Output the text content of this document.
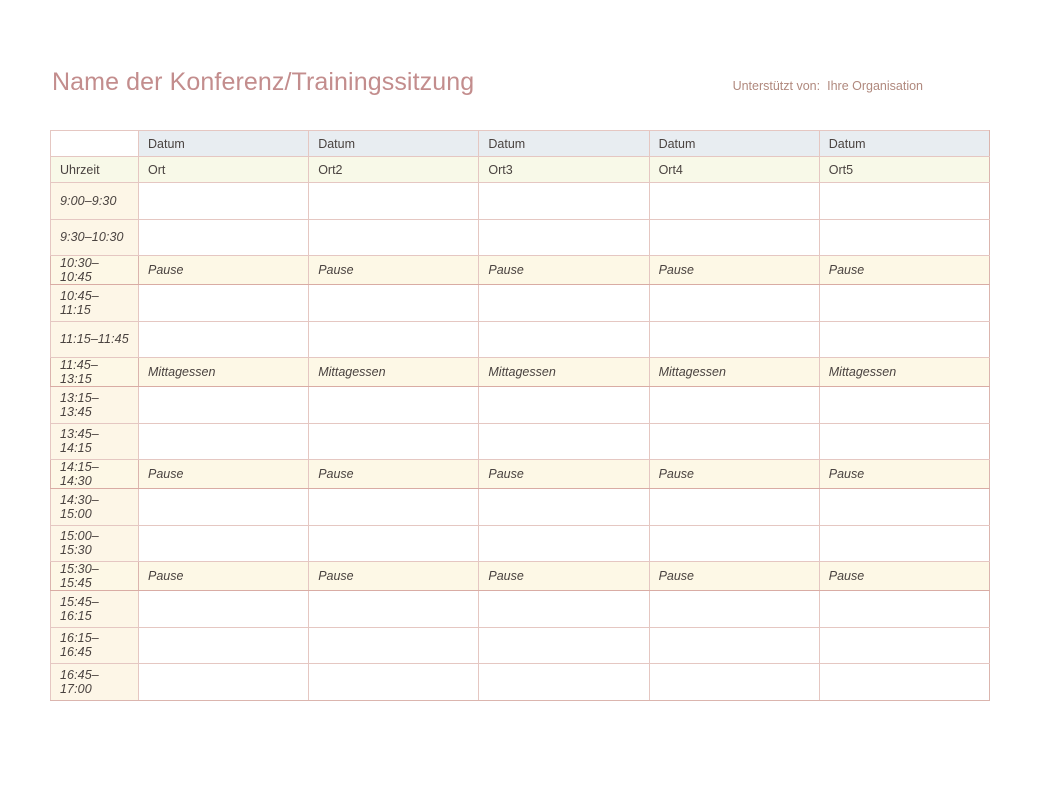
Name der Konferenz/Trainingssitzung	Unterstützt von: Ihre Organisation
	Datum	Datum	Datum	Datum	Datum
Uhrzeit	Ort	Ort2	Ort3	Ort4	Ort5
9:00–9:30					
9:30–10:30					
10:30–10:45	Pause	Pause	Pause	Pause	Pause
10:45–11:15					
11:15–11:45					
11:45–13:15	Mittagessen	Mittagessen	Mittagessen	Mittagessen	Mittagessen
13:15–13:45					
13:45–14:15					
14:15–14:30	Pause	Pause	Pause	Pause	Pause
14:30–15:00					
15:00–15:30					
15:30–15:45	Pause	Pause	Pause	Pause	Pause
15:45–16:15					
16:15–16:45					
16:45–17:00					
